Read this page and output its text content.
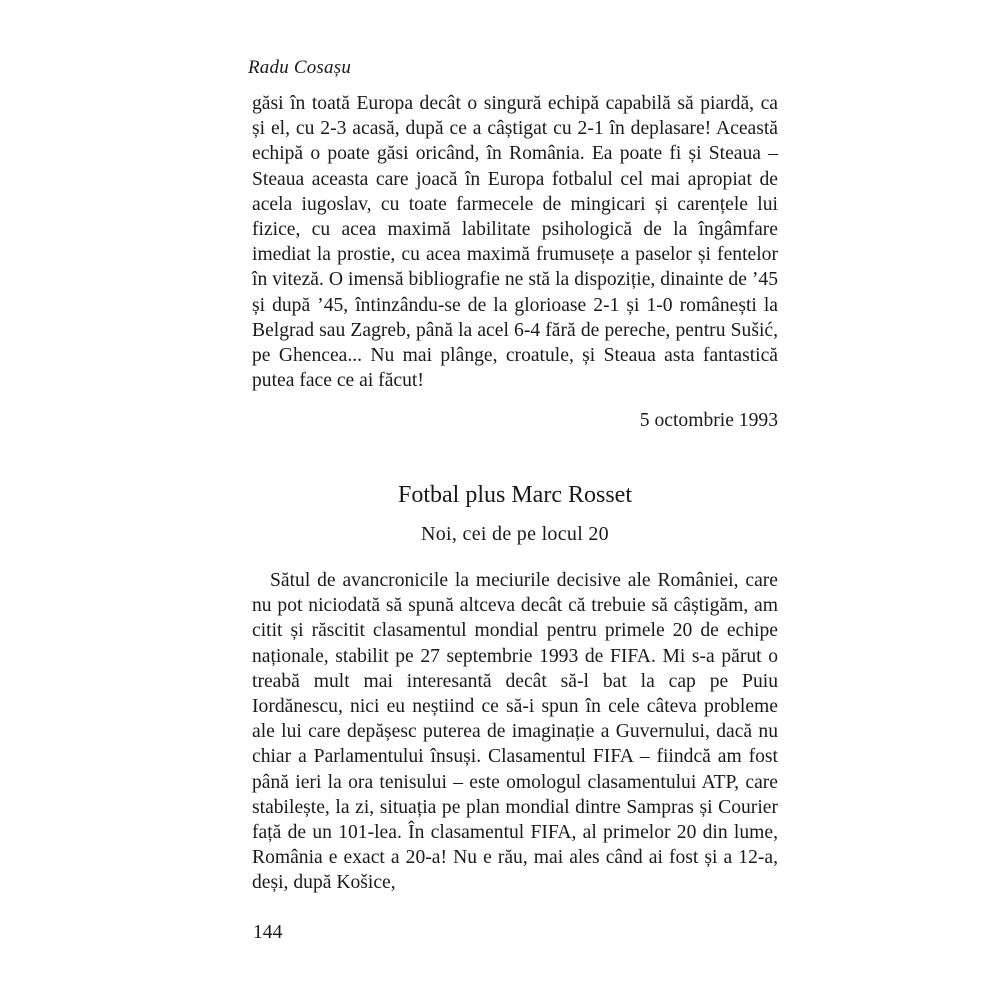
Radu Cosașu

găsi în toată Europa decât o singură echipă capabilă să piardă, ca și el, cu 2-3 acasă, după ce a câștigat cu 2-1 în deplasare! Această echipă o poate găsi oricând, în România. Ea poate fi și Steaua – Steaua aceasta care joacă în Europa fotbalul cel mai apropiat de acela iugoslav, cu toate farmecele de mingicari și carențele lui fizice, cu acea maximă labilitate psihologică de la îngâmfare imediat la prostie, cu acea maximă frumusețe a paselor și fentelor în viteză. O imensă bibliografie ne stă la dispoziție, dinainte de ’45 și după ’45, întinzându-se de la glorioase 2-1 și 1-0 românești la Belgrad sau Zagreb, până la acel 6-4 fără de pereche, pentru Sušić, pe Ghencea... Nu mai plânge, croatule, și Steaua asta fantastică putea face ce ai făcut!

5 octombrie 1993
Fotbal plus Marc Rosset
Noi, cei de pe locul 20

Sătul de avancronicile la meciurile decisive ale României, care nu pot niciodată să spună altceva decât că trebuie să câștigăm, am citit și răscitit clasamentul mondial pentru primele 20 de echipe naționale, stabilit pe 27 septembrie 1993 de FIFA. Mi s-a părut o treabă mult mai interesantă decât să-l bat la cap pe Puiu Iordănescu, nici eu neștiind ce să-i spun în cele câteva probleme ale lui care depășesc puterea de imaginație a Guvernului, dacă nu chiar a Parlamentului însuși. Clasamentul FIFA – fiindcă am fost până ieri la ora tenisului – este omologul clasamentului ATP, care stabilește, la zi, situația pe plan mondial dintre Sampras și Courier față de un 101-lea. În clasamentul FIFA, al primelor 20 din lume, România e exact a 20-a! Nu e rău, mai ales când ai fost și a 12-a, deși, după Košice,

144
